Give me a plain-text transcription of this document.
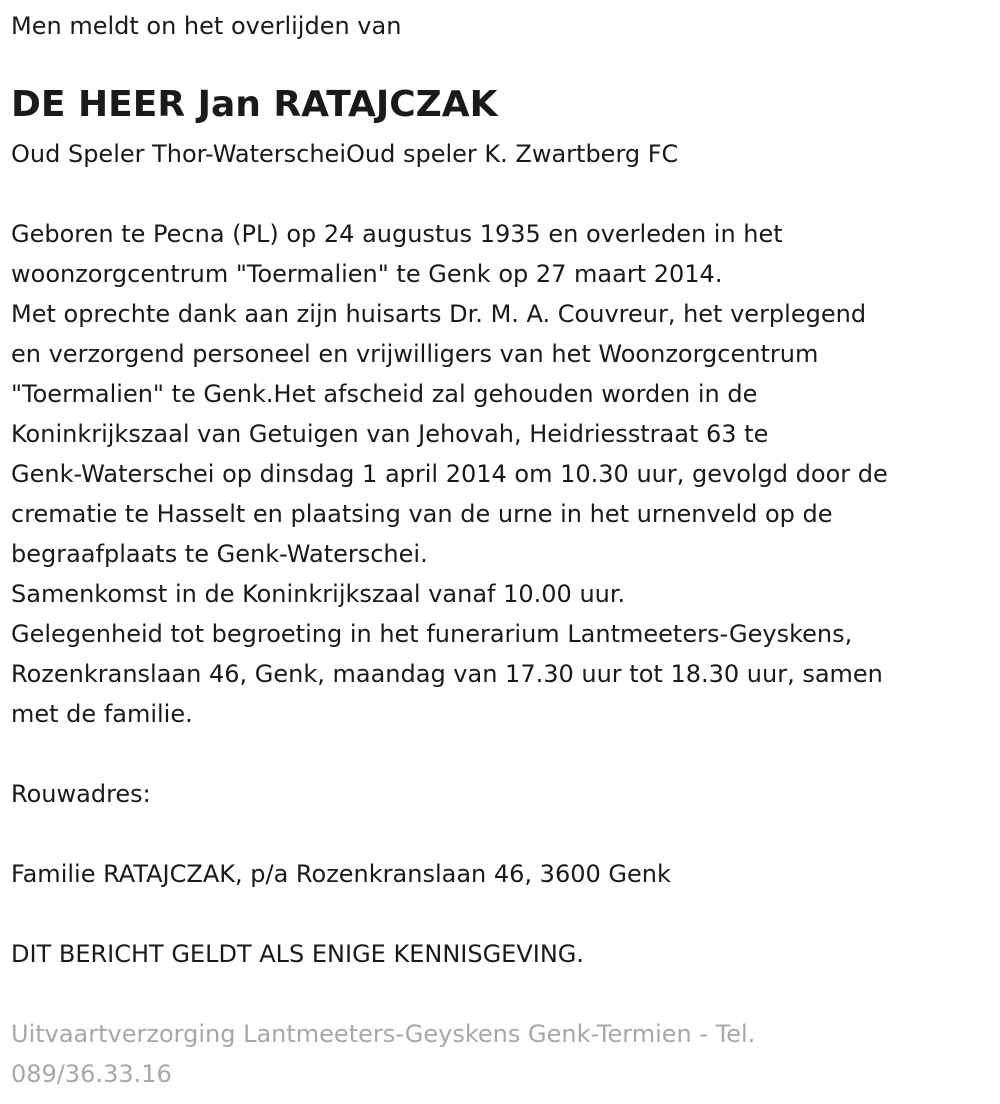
Men meldt on het overlijden van
DE HEER Jan RATAJCZAK
Oud Speler Thor-WaterscheiOud speler K. Zwartberg FC
Geboren te Pecna (PL) op 24 augustus 1935 en overleden in het
woonzorgcentrum "Toermalien" te Genk op 27 maart 2014.
Met oprechte dank aan zijn huisarts Dr. M. A. Couvreur, het verplegend
en verzorgend personeel en vrijwilligers van het Woonzorgcentrum
"Toermalien" te Genk.Het afscheid zal gehouden worden in de
Koninkrijkszaal van Getuigen van Jehovah, Heidriesstraat 63 te
Genk-Waterschei op dinsdag 1 april 2014 om 10.30 uur, gevolgd door de
crematie te Hasselt en plaatsing van de urne in het urnenveld op de
begraafplaats te Genk-Waterschei.
Samenkomst in de Koninkrijkszaal vanaf 10.00 uur.
Gelegenheid tot begroeting in het funerarium Lantmeeters-Geyskens,
Rozenkranslaan 46, Genk, maandag van 17.30 uur tot 18.30 uur, samen
met de familie.
Rouwadres:
Familie RATAJCZAK, p/a Rozenkranslaan 46, 3600 Genk
DIT BERICHT GELDT ALS ENIGE KENNISGEVING.
Uitvaartverzorging Lantmeeters-Geyskens Genk-Termien - Tel.
089/36.33.16
